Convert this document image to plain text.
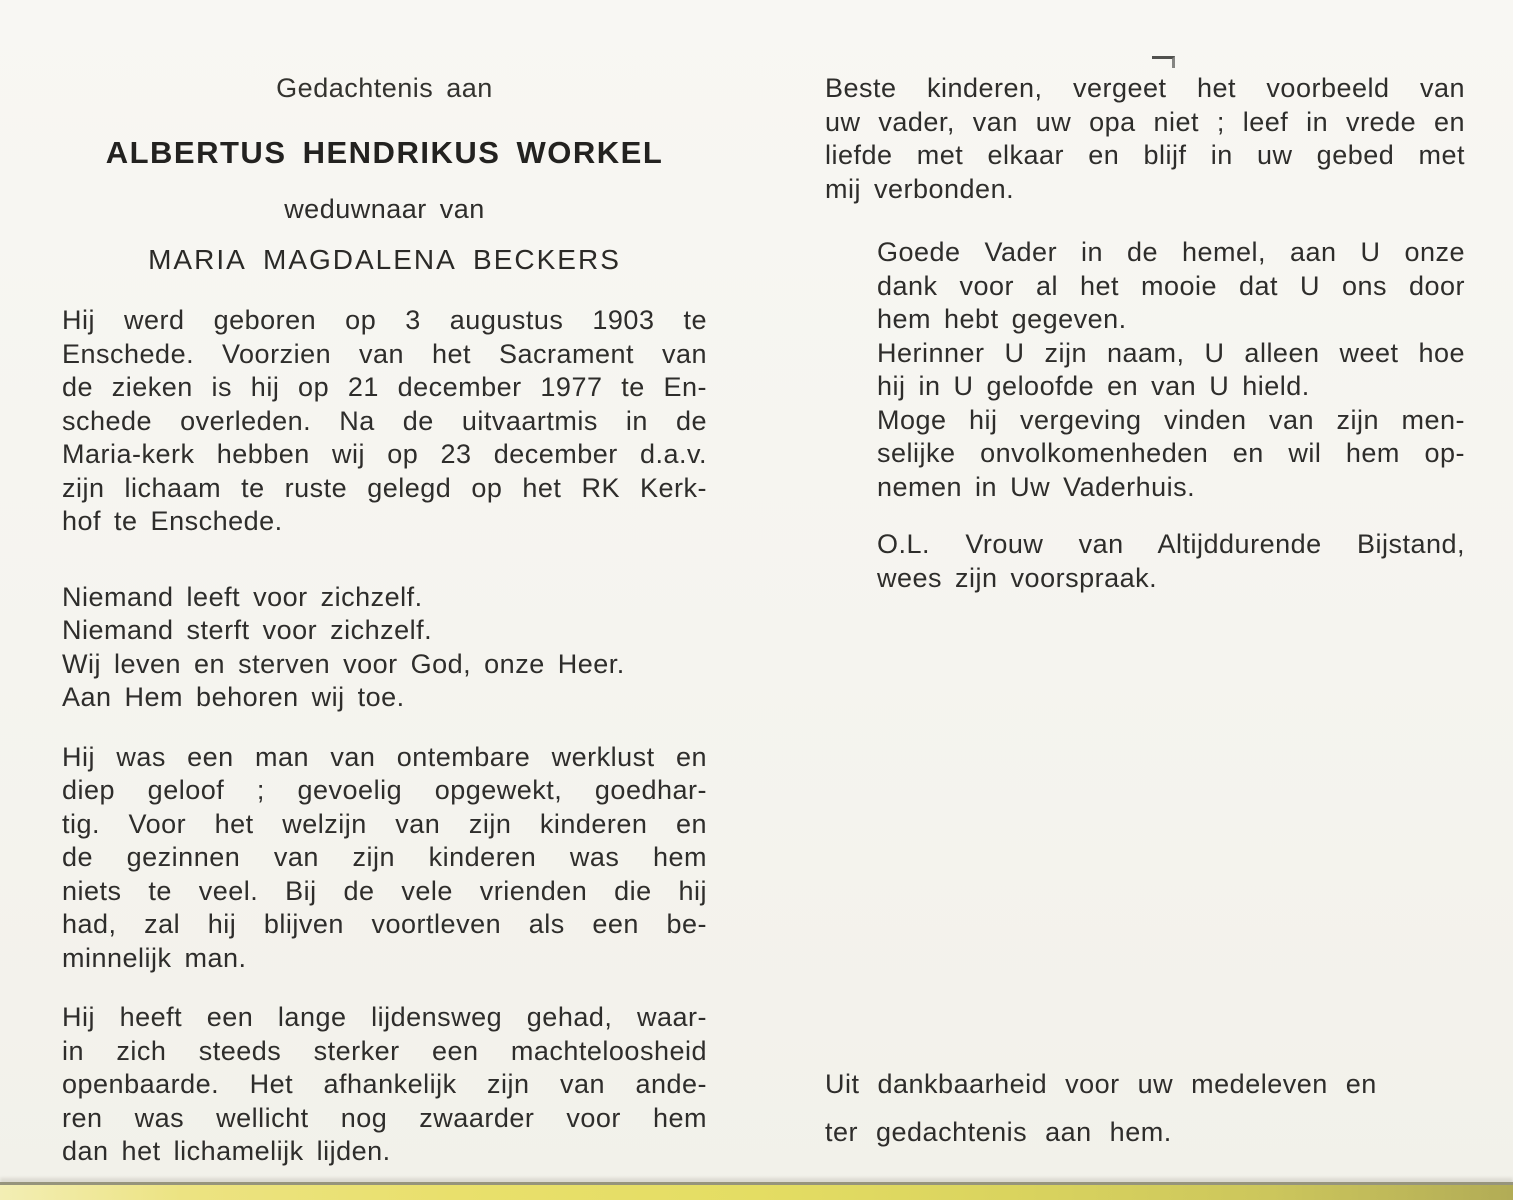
Gedachtenis aan
ALBERTUS HENDRIKUS WORKEL
weduwnaar van
MARIA MAGDALENA BECKERS
Hij werd geboren op 3 augustus 1903 te
Enschede. Voorzien van het Sacrament van
de zieken is hij op 21 december 1977 te En-
schede overleden. Na de uitvaartmis in de
Maria-kerk hebben wij op 23 december d.a.v.
zijn lichaam te ruste gelegd op het RK Kerk-
hof te Enschede.
Niemand leeft voor zichzelf.
Niemand sterft voor zichzelf.
Wij leven en sterven voor God, onze Heer.
Aan Hem behoren wij toe.
Hij was een man van ontembare werklust en
diep geloof ; gevoelig opgewekt, goedhar-
tig. Voor het welzijn van zijn kinderen en
de gezinnen van zijn kinderen was hem
niets te veel. Bij de vele vrienden die hij
had, zal hij blijven voortleven als een be-
minnelijk man.
Hij heeft een lange lijdensweg gehad, waar-
in zich steeds sterker een machteloosheid
openbaarde. Het afhankelijk zijn van ande-
ren was wellicht nog zwaarder voor hem
dan het lichamelijk lijden.
Beste kinderen, vergeet het voorbeeld van
uw vader, van uw opa niet ; leef in vrede en
liefde met elkaar en blijf in uw gebed met
mij verbonden.
Goede Vader in de hemel, aan U onze
dank voor al het mooie dat U ons door
hem hebt gegeven.
Herinner U zijn naam, U alleen weet hoe
hij in U geloofde en van U hield.
Moge hij vergeving vinden van zijn men-
selijke onvolkomenheden en wil hem op-
nemen in Uw Vaderhuis.
O.L. Vrouw van Altijddurende Bijstand,
wees zijn voorspraak.
Uit dankbaarheid voor uw medeleven en
ter gedachtenis aan hem.
